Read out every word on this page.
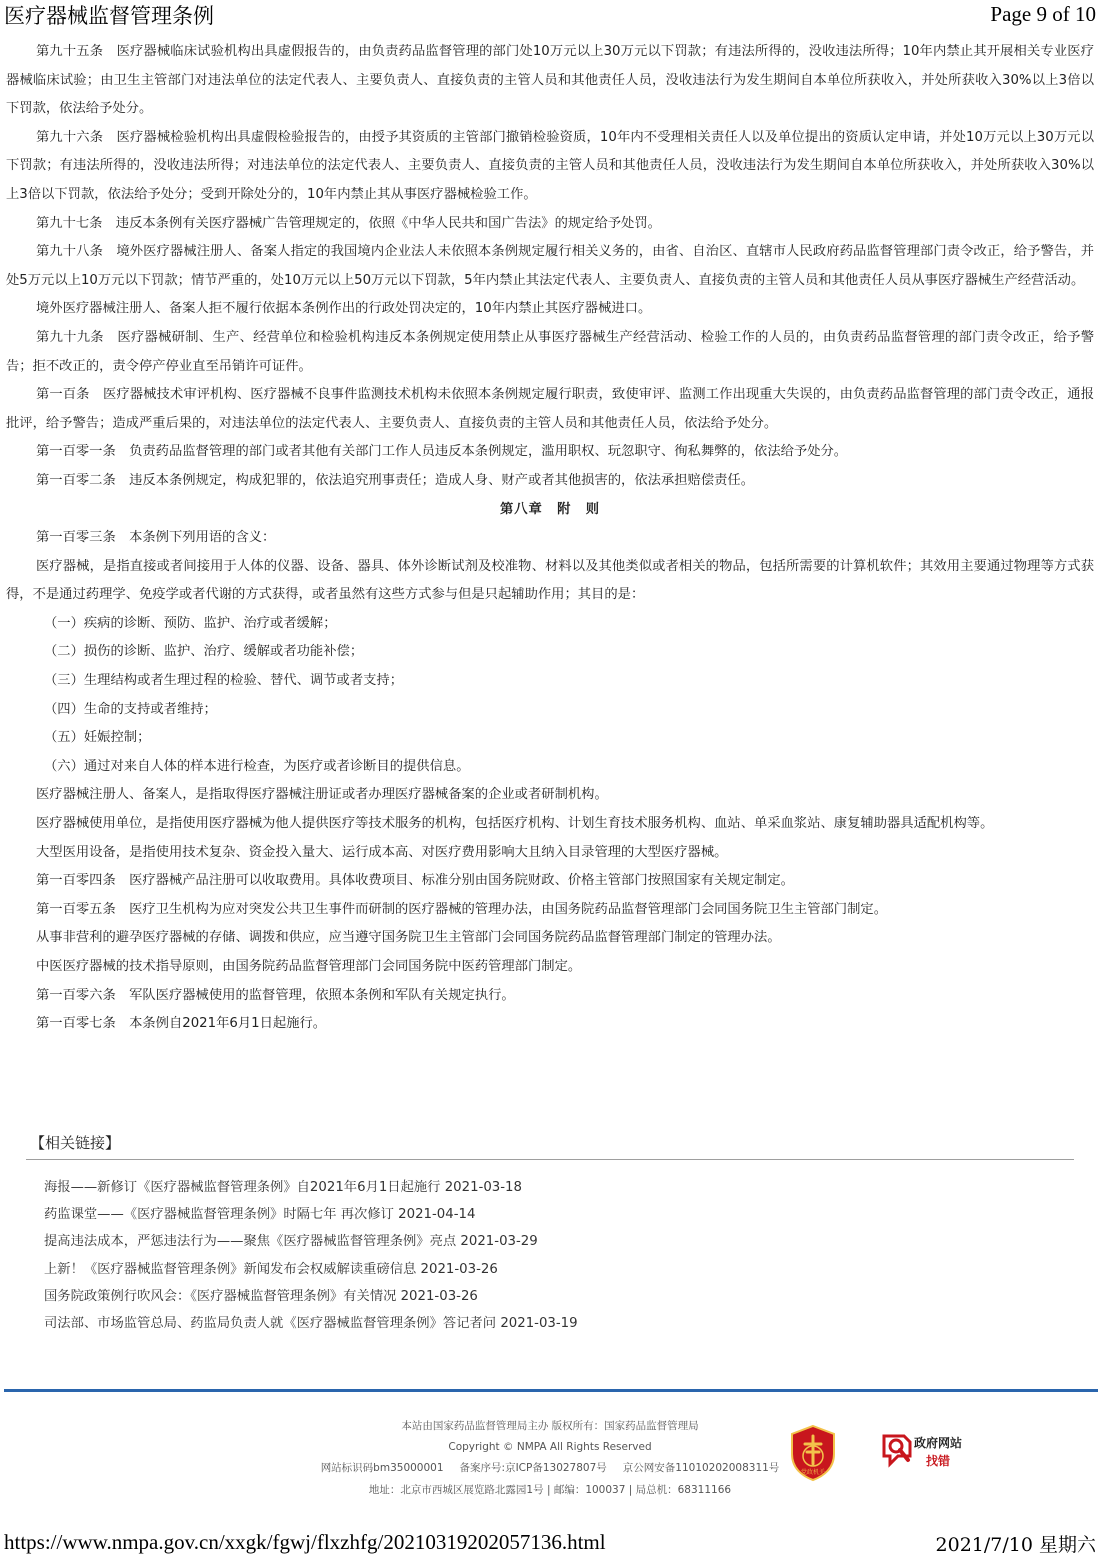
医疗器械监督管理条例	Page 9 of 10

第九十五条　医疗器械临床试验机构出具虚假报告的，由负责药品监督管理的部门处10万元以上30万元以下罚款；有违法所得的，没收违法所得；10年内禁止其开展相关专业医疗器械临床试验；由卫生主管部门对违法单位的法定代表人、主要负责人、直接负责的主管人员和其他责任人员，没收违法行为发生期间自本单位所获收入，并处所获收入30%以上3倍以下罚款，依法给予处分。

第九十六条　医疗器械检验机构出具虚假检验报告的，由授予其资质的主管部门撤销检验资质，10年内不受理相关责任人以及单位提出的资质认定申请，并处10万元以上30万元以下罚款；有违法所得的，没收违法所得；对违法单位的法定代表人、主要负责人、直接负责的主管人员和其他责任人员，没收违法行为发生期间自本单位所获收入，并处所获收入30%以上3倍以下罚款，依法给予处分；受到开除处分的，10年内禁止其从事医疗器械检验工作。

第九十七条　违反本条例有关医疗器械广告管理规定的，依照《中华人民共和国广告法》的规定给予处罚。

第九十八条　境外医疗器械注册人、备案人指定的我国境内企业法人未依照本条例规定履行相关义务的，由省、自治区、直辖市人民政府药品监督管理部门责令改正，给予警告，并处5万元以上10万元以下罚款；情节严重的，处10万元以上50万元以下罚款，5年内禁止其法定代表人、主要负责人、直接负责的主管人员和其他责任人员从事医疗器械生产经营活动。

境外医疗器械注册人、备案人拒不履行依据本条例作出的行政处罚决定的，10年内禁止其医疗器械进口。

第九十九条　医疗器械研制、生产、经营单位和检验机构违反本条例规定使用禁止从事医疗器械生产经营活动、检验工作的人员的，由负责药品监督管理的部门责令改正，给予警告；拒不改正的，责令停产停业直至吊销许可证件。

第一百条　医疗器械技术审评机构、医疗器械不良事件监测技术机构未依照本条例规定履行职责，致使审评、监测工作出现重大失误的，由负责药品监督管理的部门责令改正，通报批评，给予警告；造成严重后果的，对违法单位的法定代表人、主要负责人、直接负责的主管人员和其他责任人员，依法给予处分。

第一百零一条　负责药品监督管理的部门或者其他有关部门工作人员违反本条例规定，滥用职权、玩忽职守、徇私舞弊的，依法给予处分。

第一百零二条　违反本条例规定，构成犯罪的，依法追究刑事责任；造成人身、财产或者其他损害的，依法承担赔偿责任。

第八章　附　则

第一百零三条　本条例下列用语的含义：

医疗器械，是指直接或者间接用于人体的仪器、设备、器具、体外诊断试剂及校准物、材料以及其他类似或者相关的物品，包括所需要的计算机软件；其效用主要通过物理等方式获得，不是通过药理学、免疫学或者代谢的方式获得，或者虽然有这些方式参与但是只起辅助作用；其目的是：

（一）疾病的诊断、预防、监护、治疗或者缓解；

（二）损伤的诊断、监护、治疗、缓解或者功能补偿；

（三）生理结构或者生理过程的检验、替代、调节或者支持；

（四）生命的支持或者维持；

（五）妊娠控制；

（六）通过对来自人体的样本进行检查，为医疗或者诊断目的提供信息。

医疗器械注册人、备案人，是指取得医疗器械注册证或者办理医疗器械备案的企业或者研制机构。

医疗器械使用单位，是指使用医疗器械为他人提供医疗等技术服务的机构，包括医疗机构、计划生育技术服务机构、血站、单采血浆站、康复辅助器具适配机构等。

大型医用设备，是指使用技术复杂、资金投入量大、运行成本高、对医疗费用影响大且纳入目录管理的大型医疗器械。

第一百零四条　医疗器械产品注册可以收取费用。具体收费项目、标准分别由国务院财政、价格主管部门按照国家有关规定制定。

第一百零五条　医疗卫生机构为应对突发公共卫生事件而研制的医疗器械的管理办法，由国务院药品监督管理部门会同国务院卫生主管部门制定。

从事非营利的避孕医疗器械的存储、调拨和供应，应当遵守国务院卫生主管部门会同国务院药品监督管理部门制定的管理办法。

中医医疗器械的技术指导原则，由国务院药品监督管理部门会同国务院中医药管理部门制定。

第一百零六条　军队医疗器械使用的监督管理，依照本条例和军队有关规定执行。

第一百零七条　本条例自2021年6月1日起施行。

【相关链接】
海报——新修订《医疗器械监督管理条例》自2021年6月1日起施行 2021-03-18
药监课堂——《医疗器械监督管理条例》时隔七年 再次修订 2021-04-14
提高违法成本，严惩违法行为——聚焦《医疗器械监督管理条例》亮点 2021-03-29
上新！《医疗器械监督管理条例》新闻发布会权威解读重磅信息 2021-03-26
国务院政策例行吹风会：《医疗器械监督管理条例》有关情况 2021-03-26
司法部、市场监管总局、药监局负责人就《医疗器械监督管理条例》答记者问 2021-03-19
本站由国家药品监督管理局主办 版权所有：国家药品监督管理局
Copyright © NMPA All Rights Reserved
网站标识码bm35000001 备案序号:京ICP备13027807号 京公网安备11010202008311号
地址：北京市西城区展览路北露园1号 | 邮编：100037 | 局总机：68311166
党政机关
政府网站
找错
https://www.nmpa.gov.cn/xxgk/fgwj/flxzhfg/20210319202057136.html	2021/7/10 星期六
